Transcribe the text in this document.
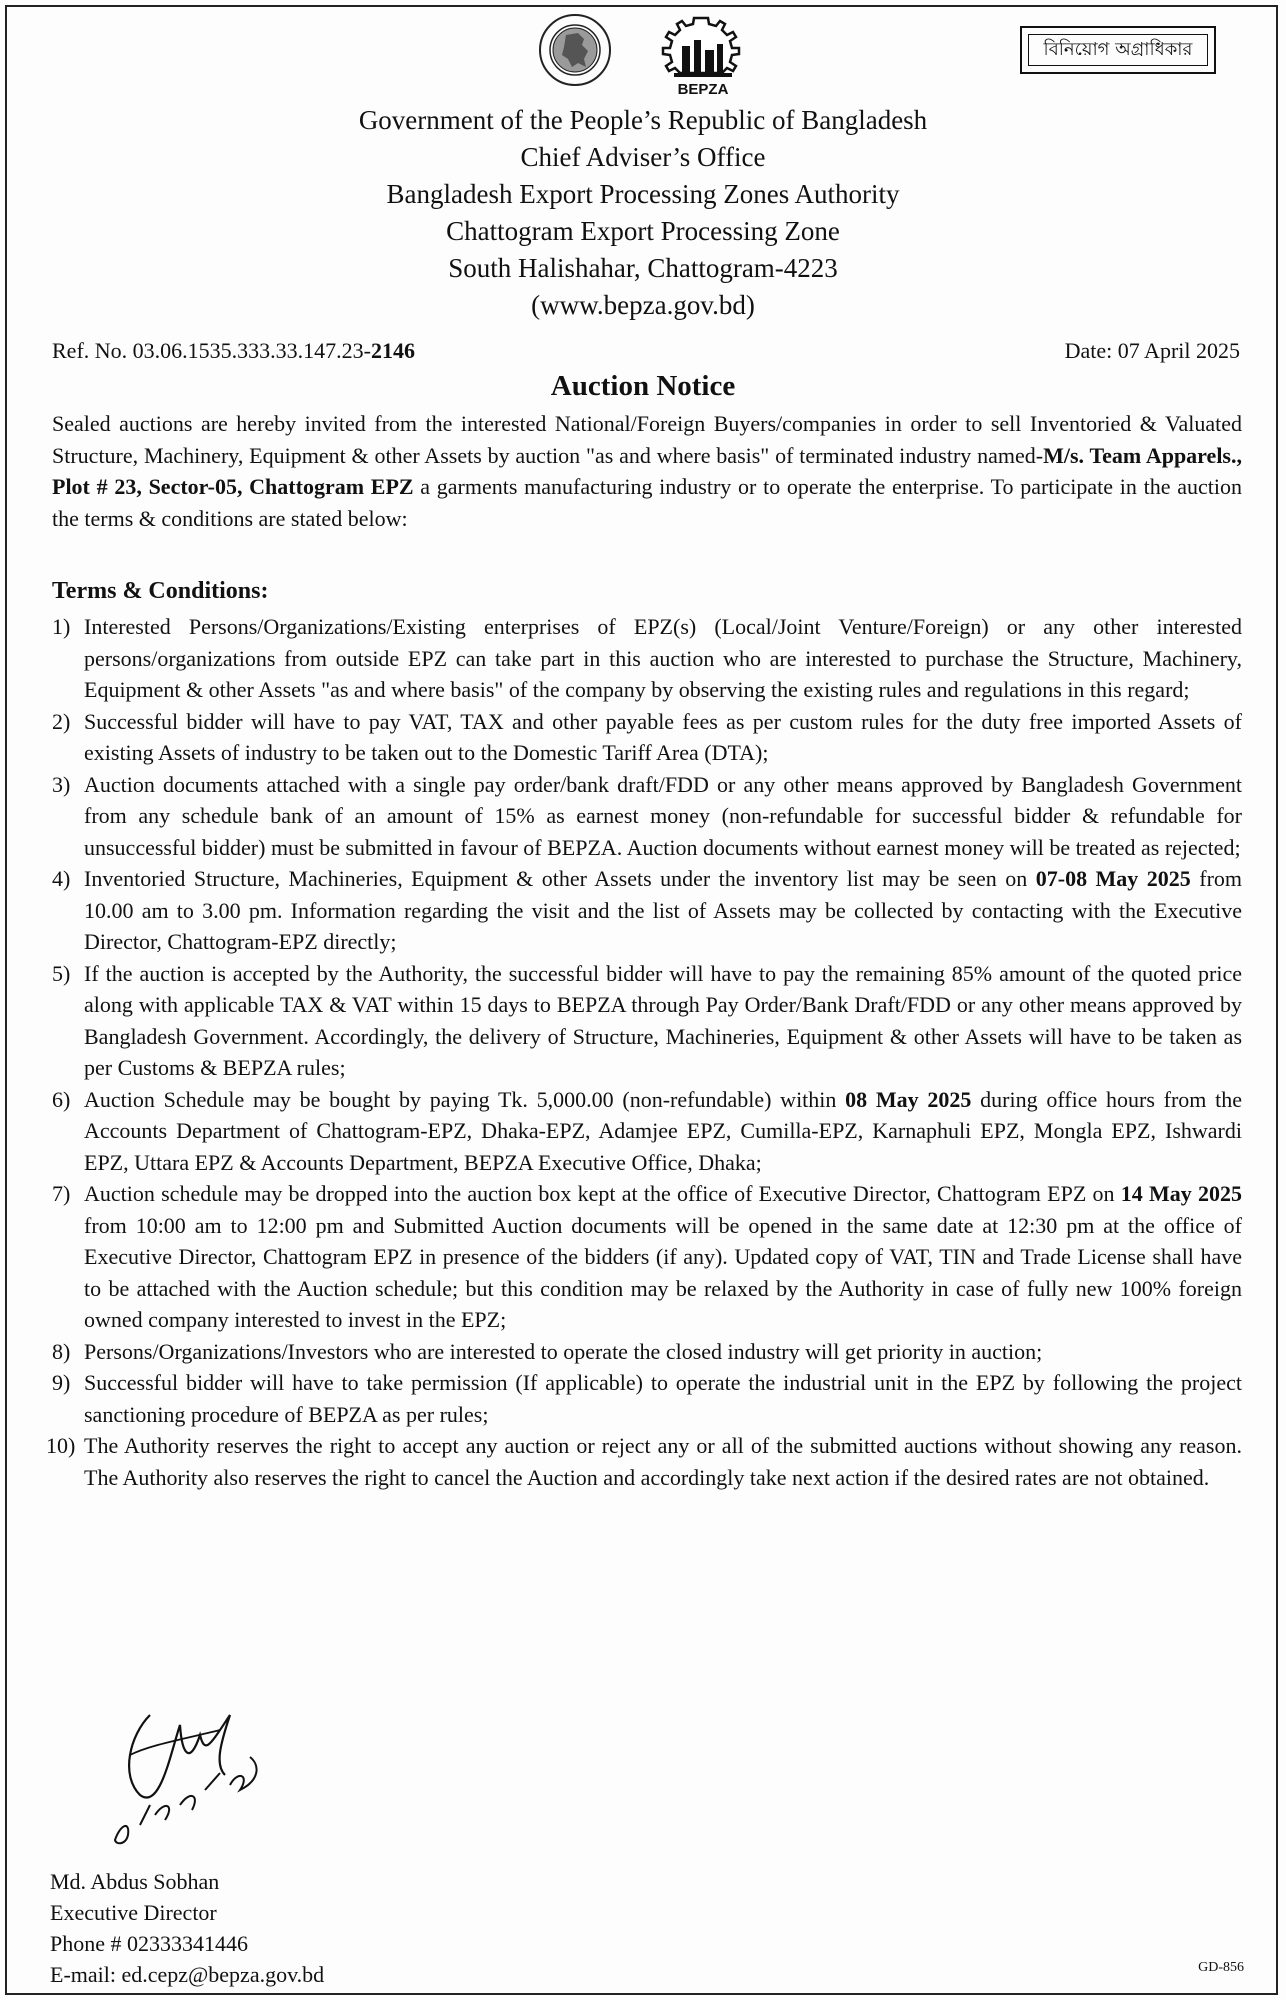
BEPZA
বিনিয়োগ অগ্রাধিকার
Government of the People’s Republic of Bangladesh
Chief Adviser’s Office
Bangladesh Export Processing Zones Authority
Chattogram Export Processing Zone
South Halishahar, Chattogram-4223
(www.bepza.gov.bd)
Ref. No. 03.06.1535.333.33.147.23-2146	Date: 07 April 2025
Auction Notice
Sealed auctions are hereby invited from the interested National/Foreign Buyers/companies in order to sell Inventoried & Valuated Structure, Machinery, Equipment & other Assets by auction "as and where basis" of terminated industry named-M/s. Team Apparels., Plot # 23, Sector-05, Chattogram EPZ a garments manufacturing industry or to operate the enterprise. To participate in the auction the terms & conditions are stated below:
Terms & Conditions:
1) Interested Persons/Organizations/Existing enterprises of EPZ(s) (Local/Joint Venture/Foreign) or any other interested persons/organizations from outside EPZ can take part in this auction who are interested to purchase the Structure, Machinery, Equipment & other Assets "as and where basis" of the company by observing the existing rules and regulations in this regard;
2) Successful bidder will have to pay VAT, TAX and other payable fees as per custom rules for the duty free imported Assets of existing Assets of industry to be taken out to the Domestic Tariff Area (DTA);
3) Auction documents attached with a single pay order/bank draft/FDD or any other means approved by Bangladesh Government from any schedule bank of an amount of 15% as earnest money (non-refundable for successful bidder & refundable for unsuccessful bidder) must be submitted in favour of BEPZA. Auction documents without earnest money will be treated as rejected;
4) Inventoried Structure, Machineries, Equipment & other Assets under the inventory list may be seen on 07-08 May 2025 from 10.00 am to 3.00 pm. Information regarding the visit and the list of Assets may be collected by contacting with the Executive Director, Chattogram-EPZ directly;
5) If the auction is accepted by the Authority, the successful bidder will have to pay the remaining 85% amount of the quoted price along with applicable TAX & VAT within 15 days to BEPZA through Pay Order/Bank Draft/FDD or any other means approved by Bangladesh Government. Accordingly, the delivery of Structure, Machineries, Equipment & other Assets will have to be taken as per Customs & BEPZA rules;
6) Auction Schedule may be bought by paying Tk. 5,000.00 (non-refundable) within 08 May 2025 during office hours from the Accounts Department of Chattogram-EPZ, Dhaka-EPZ, Adamjee EPZ, Cumilla-EPZ, Karnaphuli EPZ, Mongla EPZ, Ishwardi EPZ, Uttara EPZ & Accounts Department, BEPZA Executive Office, Dhaka;
7) Auction schedule may be dropped into the auction box kept at the office of Executive Director, Chattogram EPZ on 14 May 2025 from 10:00 am to 12:00 pm and Submitted Auction documents will be opened in the same date at 12:30 pm at the office of Executive Director, Chattogram EPZ in presence of the bidders (if any). Updated copy of VAT, TIN and Trade License shall have to be attached with the Auction schedule; but this condition may be relaxed by the Authority in case of fully new 100% foreign owned company interested to invest in the EPZ;
8) Persons/Organizations/Investors who are interested to operate the closed industry will get priority in auction;
9) Successful bidder will have to take permission (If applicable) to operate the industrial unit in the EPZ by following the project sanctioning procedure of BEPZA as per rules;
10) The Authority reserves the right to accept any auction or reject any or all of the submitted auctions without showing any reason. The Authority also reserves the right to cancel the Auction and accordingly take next action if the desired rates are not obtained.
Md. Abdus Sobhan
Executive Director
Phone # 02333341446
E-mail: ed.cepz@bepza.gov.bd	GD-856
